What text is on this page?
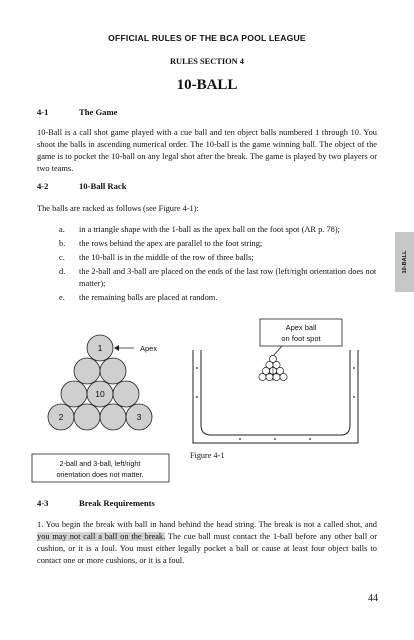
OFFICIAL RULES OF THE BCA POOL LEAGUE
RULES SECTION 4
10-BALL
4-1	The Game
10-Ball is a call shot game played with a cue ball and ten object balls numbered 1 through 10. You shoot the balls in ascending numerical order. The 10-ball is the game winning ball. The object of the game is to pocket the 10-ball on any legal shot after the break. The game is played by two players or two teams.
4-2	10-Ball Rack
The balls are racked as follows (see Figure 4-1):
a. in a triangle shape with the 1-ball as the apex ball on the foot spot (AR p. 78);
b. the rows behind the apex are parallel to the foot string;
c. the 10-ball is in the middle of the row of three balls;
d. the 2-ball and 3-ball are placed on the ends of the last row (left/right orientation does not matter);
e. the remaining balls are placed at random.
10-BALL
1
10
2	3
Apex
2-ball and 3-ball, left/right
orientation does not matter.
Apex ball
on foot spot
Figure 4-1
4-3	Break Requirements
1. You begin the break with ball in hand behind the head string. The break is not a called shot, and you may not call a ball on the break. The cue ball must contact the 1-ball before any other ball or cushion, or it is a foul. You must either legally pocket a ball or cause at least four object balls to contact one or more cushions, or it is a foul.
44
